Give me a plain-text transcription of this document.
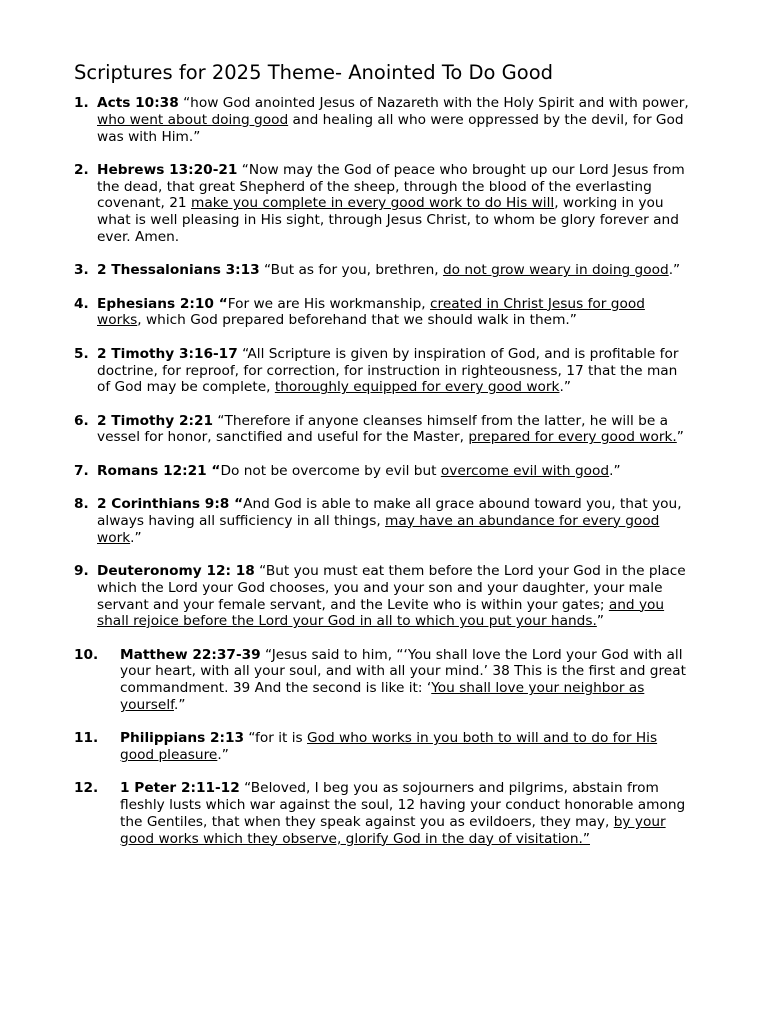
Scriptures for 2025 Theme- Anointed To Do Good
1. Acts 10:38 “how God anointed Jesus of Nazareth with the Holy Spirit and with power, who went about doing good and healing all who were oppressed by the devil, for God was with Him.”
2. Hebrews 13:20-21 “Now may the God of peace who brought up our Lord Jesus from the dead, that great Shepherd of the sheep, through the blood of the everlasting covenant, 21 make you complete in every good work to do His will, working in you what is well pleasing in His sight, through Jesus Christ, to whom be glory forever and ever. Amen.
3. 2 Thessalonians 3:13 “But as for you, brethren, do not grow weary in doing good.”
4. Ephesians 2:10 “For we are His workmanship, created in Christ Jesus for good works, which God prepared beforehand that we should walk in them.”
5. 2 Timothy 3:16-17 “All Scripture is given by inspiration of God, and is profitable for doctrine, for reproof, for correction, for instruction in righteousness, 17 that the man of God may be complete, thoroughly equipped for every good work.”
6. 2 Timothy 2:21 “Therefore if anyone cleanses himself from the latter, he will be a vessel for honor, sanctified and useful for the Master, prepared for every good work.”
7. Romans 12:21 “Do not be overcome by evil but overcome evil with good.”
8. 2 Corinthians 9:8 “And God is able to make all grace abound toward you, that you, always having all sufficiency in all things, may have an abundance for every good work.”
9. Deuteronomy 12: 18 “But you must eat them before the Lord your God in the place which the Lord your God chooses, you and your son and your daughter, your male servant and your female servant, and the Levite who is within your gates; and you shall rejoice before the Lord your God in all to which you put your hands.”
10. Matthew 22:37-39 “Jesus said to him, “‘You shall love the Lord your God with all your heart, with all your soul, and with all your mind.’ 38 This is the first and great commandment. 39 And the second is like it: ‘You shall love your neighbor as yourself.”
11. Philippians 2:13 “for it is God who works in you both to will and to do for His good pleasure.”
12. 1 Peter 2:11-12 “Beloved, I beg you as sojourners and pilgrims, abstain from fleshly lusts which war against the soul, 12 having your conduct honorable among the Gentiles, that when they speak against you as evildoers, they may, by your good works which they observe, glorify God in the day of visitation.”
